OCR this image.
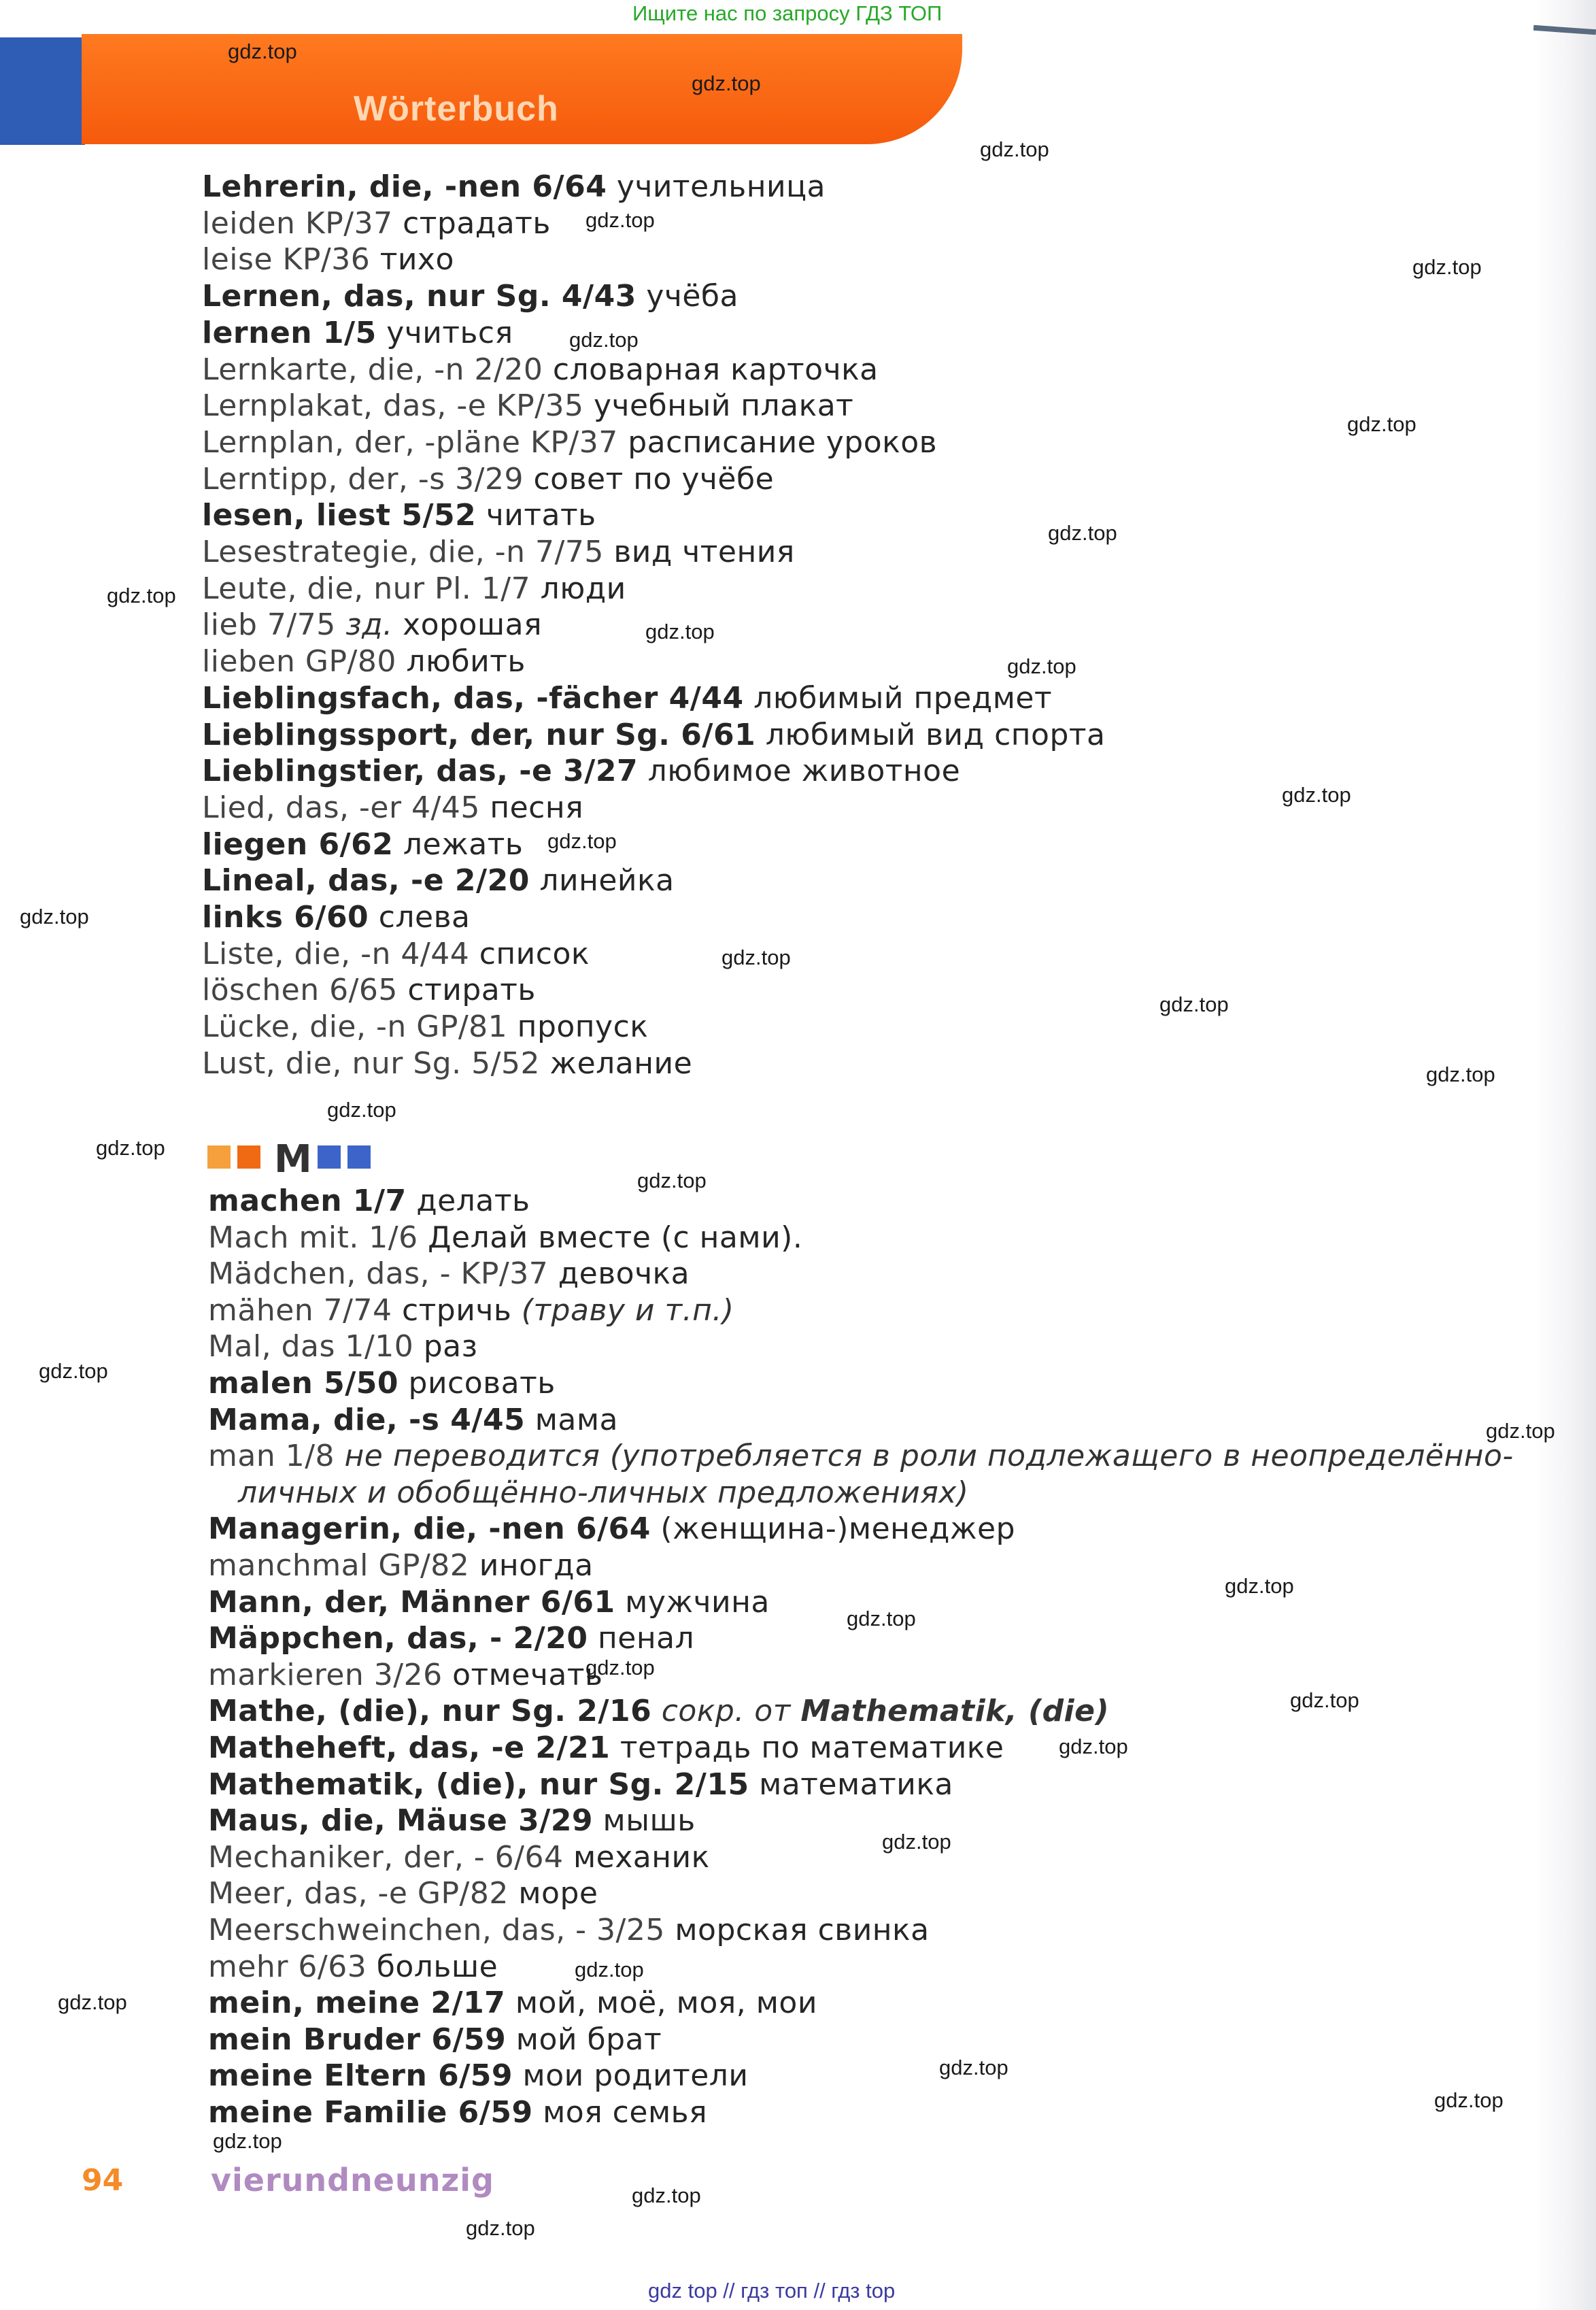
Ищите нас по запросу ГДЗ ТОП
Wörterbuch
Lehrerin, die, -nen 6/64 учительница
leiden KP/37 страдать
leise KP/36 тихо
Lernen, das, nur Sg. 4/43 учёба
lernen 1/5 учиться
Lernkarte, die, -n 2/20 словарная карточка
Lernplakat, das, -e KP/35 учебный плакат
Lernplan, der, -pläne KP/37 расписание уроков
Lerntipp, der, -s 3/29 совет по учёбе
lesen, liest 5/52 читать
Lesestrategie, die, -n 7/75 вид чтения
Leute, die, nur Pl. 1/7 люди
lieb 7/75 зд. хорошая
lieben GP/80 любить
Lieblingsfach, das, -fächer 4/44 любимый предмет
Lieblingssport, der, nur Sg. 6/61 любимый вид спорта
Lieblingstier, das, -e 3/27 любимое животное
Lied, das, -er 4/45 песня
liegen 6/62 лежать
Lineal, das, -e 2/20 линейка
links 6/60 слева
Liste, die, -n 4/44 список
löschen 6/65 стирать
Lücke, die, -n GP/81 пропуск
Lust, die, nur Sg. 5/52 желание
machen 1/7 делать
Mach mit. 1/6 Делай вместе (с нами).
Mädchen, das, - KP/37 девочка
mähen 7/74 стричь (траву и т.п.)
Mal, das 1/10 раз
malen 5/50 рисовать
Mama, die, -s 4/45 мама
man 1/8 не переводится (употребляется в роли подлежащего в неопределённо-
личных и обобщённо-личных предложениях)
Managerin, die, -nen 6/64 (женщина-)менеджер
manchmal GP/82 иногда
Mann, der, Männer 6/61 мужчина
Mäppchen, das, - 2/20 пенал
markieren 3/26 отмечать
Mathe, (die), nur Sg. 2/16 сокр. от Mathematik, (die)
Matheheft, das, -e 2/21 тетрадь по математике
Mathematik, (die), nur Sg. 2/15 математика
Maus, die, Mäuse 3/29 мышь
Mechaniker, der, - 6/64 механик
Meer, das, -e GP/82 море
Meerschweinchen, das, - 3/25 морская свинка
mehr 6/63 больше
mein, meine 2/17 мой, моё, моя, мои
mein Bruder 6/59 мой брат
meine Eltern 6/59 мои родители
meine Familie 6/59 моя семья
M
94	vierundneunzig
gdz.top
gdz.top
gdz.top
gdz.top
gdz.top
gdz.top
gdz.top
gdz.top
gdz.top
gdz.top
gdz.top
gdz.top
gdz.top
gdz.top
gdz.top
gdz.top
gdz.top
gdz.top
gdz.top
gdz.top
gdz.top
gdz.top
gdz.top
gdz.top
gdz.top
gdz.top
gdz.top
gdz.top
gdz.top
gdz.top
gdz.top
gdz.top
gdz.top
gdz.top
gdz.top
gdz top // гдз топ // гдз top
